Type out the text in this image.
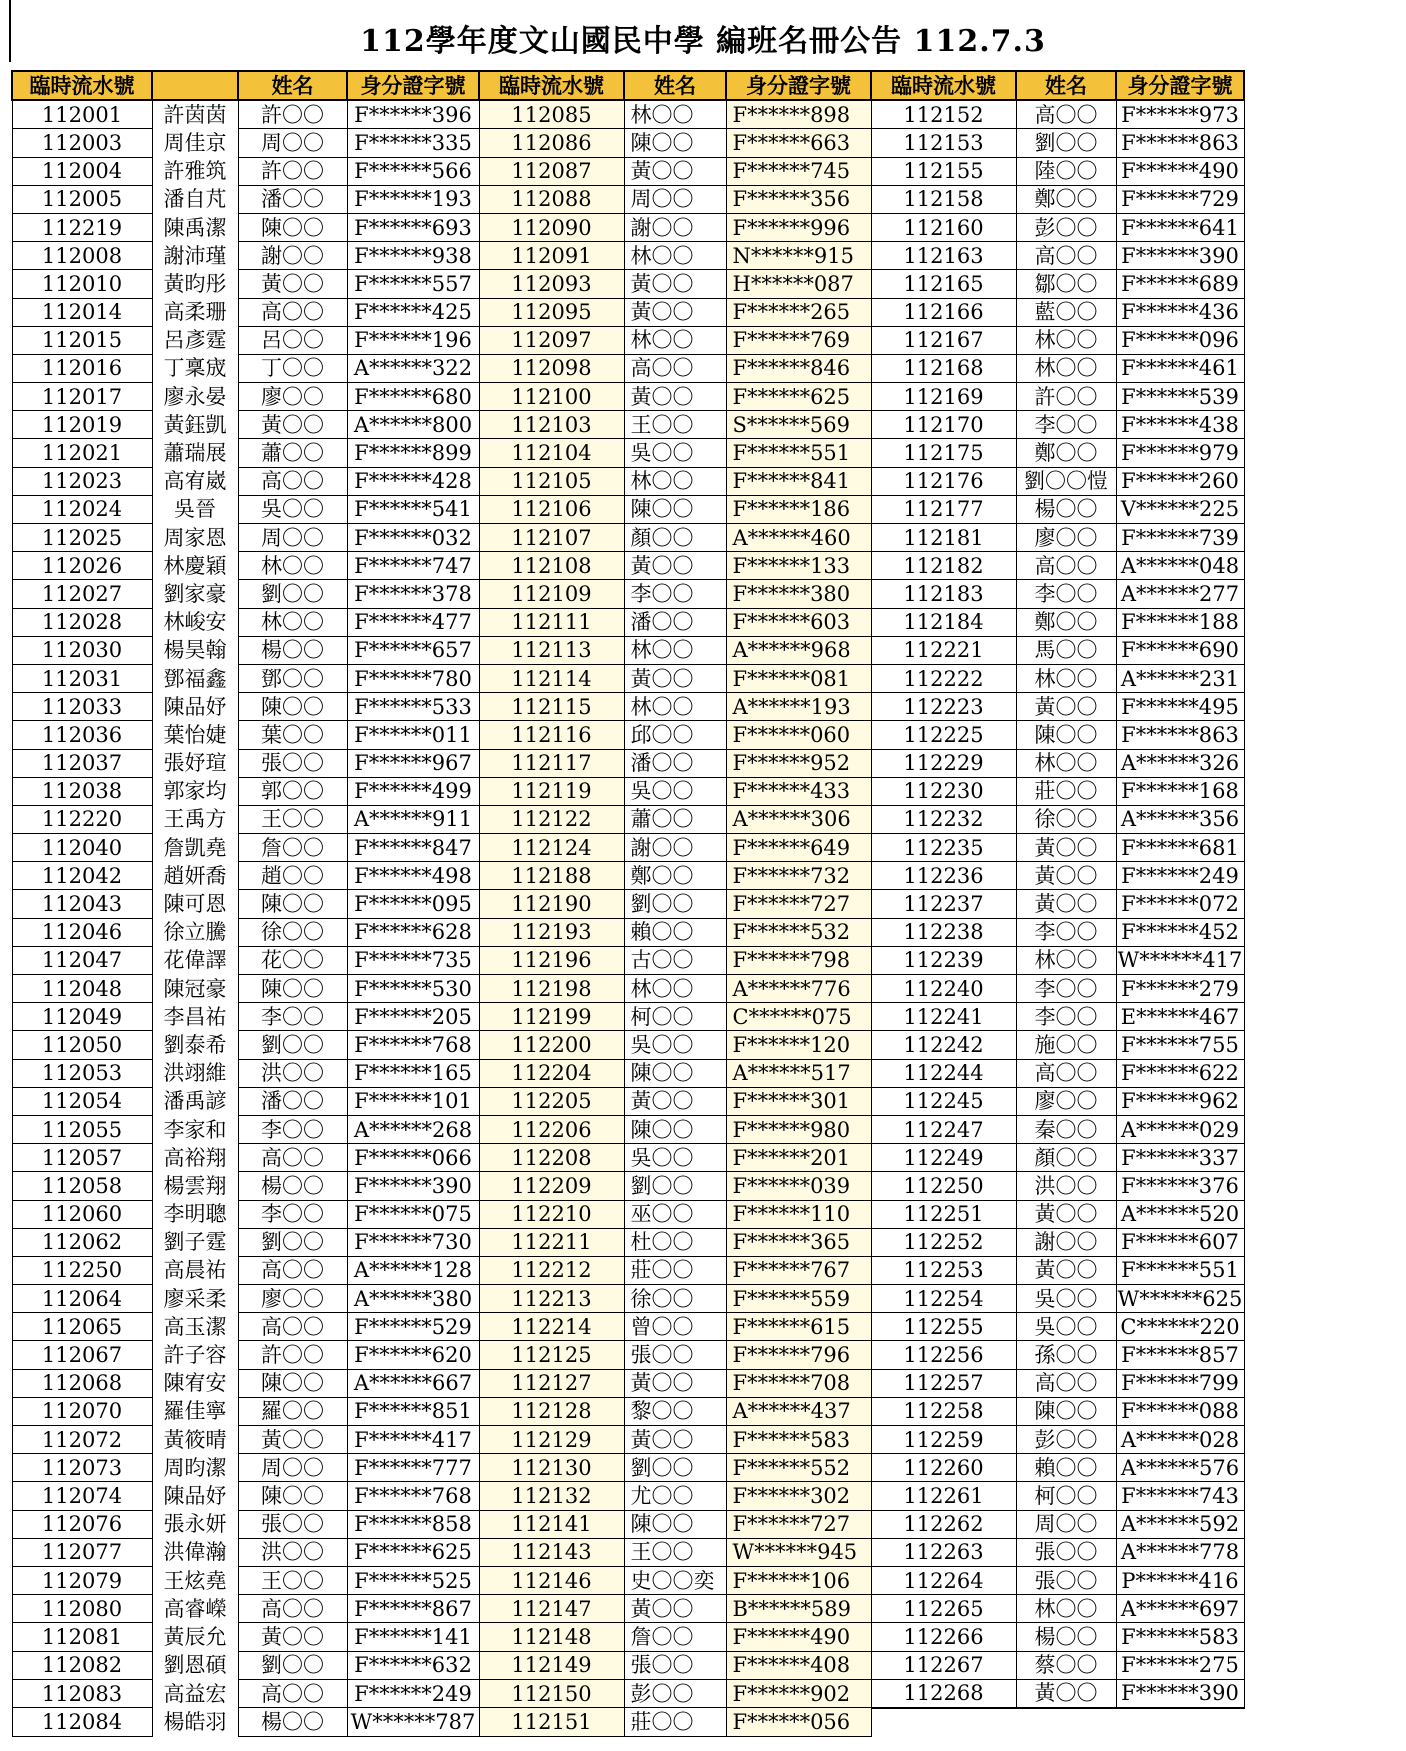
112學年度文山國民中學 編班名冊公告 112.7.3
臨時流水號		姓名	身分證字號	臨時流水號	姓名	身分證字號	臨時流水號	姓名	身分證字號
112001	許茵茵	許〇〇	F******396	112085	林〇〇	F******898	112152	高〇〇	F******973
112003	周佳京	周〇〇	F******335	112086	陳〇〇	F******663	112153	劉〇〇	F******863
112004	許雅筑	許〇〇	F******566	112087	黃〇〇	F******745	112155	陸〇〇	F******490
112005	潘自芃	潘〇〇	F******193	112088	周〇〇	F******356	112158	鄭〇〇	F******729
112219	陳禹潔	陳〇〇	F******693	112090	謝〇〇	F******996	112160	彭〇〇	F******641
112008	謝沛瑾	謝〇〇	F******938	112091	林〇〇	N******915	112163	高〇〇	F******390
112010	黃昀彤	黃〇〇	F******557	112093	黃〇〇	H******087	112165	鄒〇〇	F******689
112014	高柔珊	高〇〇	F******425	112095	黃〇〇	F******265	112166	藍〇〇	F******436
112015	呂彥霆	呂〇〇	F******196	112097	林〇〇	F******769	112167	林〇〇	F******096
112016	丁稟宬	丁〇〇	A******322	112098	高〇〇	F******846	112168	林〇〇	F******461
112017	廖永晏	廖〇〇	F******680	112100	黃〇〇	F******625	112169	許〇〇	F******539
112019	黃鈺凱	黃〇〇	A******800	112103	王〇〇	S******569	112170	李〇〇	F******438
112021	蕭瑞展	蕭〇〇	F******899	112104	吳〇〇	F******551	112175	鄭〇〇	F******979
112023	高宥崴	高〇〇	F******428	112105	林〇〇	F******841	112176	劉〇〇愷	F******260
112024	吳晉	吳〇〇	F******541	112106	陳〇〇	F******186	112177	楊〇〇	V******225
112025	周家恩	周〇〇	F******032	112107	顏〇〇	A******460	112181	廖〇〇	F******739
112026	林慶穎	林〇〇	F******747	112108	黃〇〇	F******133	112182	高〇〇	A******048
112027	劉家豪	劉〇〇	F******378	112109	李〇〇	F******380	112183	李〇〇	A******277
112028	林峻安	林〇〇	F******477	112111	潘〇〇	F******603	112184	鄭〇〇	F******188
112030	楊昊翰	楊〇〇	F******657	112113	林〇〇	A******968	112221	馬〇〇	F******690
112031	鄧福鑫	鄧〇〇	F******780	112114	黃〇〇	F******081	112222	林〇〇	A******231
112033	陳品妤	陳〇〇	F******533	112115	林〇〇	A******193	112223	黃〇〇	F******495
112036	葉怡婕	葉〇〇	F******011	112116	邱〇〇	F******060	112225	陳〇〇	F******863
112037	張妤瑄	張〇〇	F******967	112117	潘〇〇	F******952	112229	林〇〇	A******326
112038	郭家均	郭〇〇	F******499	112119	吳〇〇	F******433	112230	莊〇〇	F******168
112220	王禹方	王〇〇	A******911	112122	蕭〇〇	A******306	112232	徐〇〇	A******356
112040	詹凱堯	詹〇〇	F******847	112124	謝〇〇	F******649	112235	黃〇〇	F******681
112042	趙妍喬	趙〇〇	F******498	112188	鄭〇〇	F******732	112236	黃〇〇	F******249
112043	陳可恩	陳〇〇	F******095	112190	劉〇〇	F******727	112237	黃〇〇	F******072
112046	徐立騰	徐〇〇	F******628	112193	賴〇〇	F******532	112238	李〇〇	F******452
112047	花偉譯	花〇〇	F******735	112196	古〇〇	F******798	112239	林〇〇	W******417
112048	陳冠豪	陳〇〇	F******530	112198	林〇〇	A******776	112240	李〇〇	F******279
112049	李昌祐	李〇〇	F******205	112199	柯〇〇	C******075	112241	李〇〇	E******467
112050	劉泰希	劉〇〇	F******768	112200	吳〇〇	F******120	112242	施〇〇	F******755
112053	洪翊維	洪〇〇	F******165	112204	陳〇〇	A******517	112244	高〇〇	F******622
112054	潘禹諺	潘〇〇	F******101	112205	黃〇〇	F******301	112245	廖〇〇	F******962
112055	李家和	李〇〇	A******268	112206	陳〇〇	F******980	112247	秦〇〇	A******029
112057	高裕翔	高〇〇	F******066	112208	吳〇〇	F******201	112249	顏〇〇	F******337
112058	楊雲翔	楊〇〇	F******390	112209	劉〇〇	F******039	112250	洪〇〇	F******376
112060	李明聰	李〇〇	F******075	112210	巫〇〇	F******110	112251	黃〇〇	A******520
112062	劉子霆	劉〇〇	F******730	112211	杜〇〇	F******365	112252	謝〇〇	F******607
112250	高晨祐	高〇〇	A******128	112212	莊〇〇	F******767	112253	黃〇〇	F******551
112064	廖采柔	廖〇〇	A******380	112213	徐〇〇	F******559	112254	吳〇〇	W******625
112065	高玉潔	高〇〇	F******529	112214	曾〇〇	F******615	112255	吳〇〇	C******220
112067	許子容	許〇〇	F******620	112125	張〇〇	F******796	112256	孫〇〇	F******857
112068	陳宥安	陳〇〇	A******667	112127	黃〇〇	F******708	112257	高〇〇	F******799
112070	羅佳寧	羅〇〇	F******851	112128	黎〇〇	A******437	112258	陳〇〇	F******088
112072	黃筱晴	黃〇〇	F******417	112129	黃〇〇	F******583	112259	彭〇〇	A******028
112073	周昀潔	周〇〇	F******777	112130	劉〇〇	F******552	112260	賴〇〇	A******576
112074	陳品妤	陳〇〇	F******768	112132	尤〇〇	F******302	112261	柯〇〇	F******743
112076	張永妍	張〇〇	F******858	112141	陳〇〇	F******727	112262	周〇〇	A******592
112077	洪偉瀚	洪〇〇	F******625	112143	王〇〇	W******945	112263	張〇〇	A******778
112079	王炫堯	王〇〇	F******525	112146	史〇〇奕	F******106	112264	張〇〇	P******416
112080	高睿嶸	高〇〇	F******867	112147	黃〇〇	B******589	112265	林〇〇	A******697
112081	黃辰允	黃〇〇	F******141	112148	詹〇〇	F******490	112266	楊〇〇	F******583
112082	劉恩碩	劉〇〇	F******632	112149	張〇〇	F******408	112267	蔡〇〇	F******275
112083	高益宏	高〇〇	F******249	112150	彭〇〇	F******902	112268	黃〇〇	F******390
112084	楊皓羽	楊〇〇	W******787	112151	莊〇〇	F******056			
